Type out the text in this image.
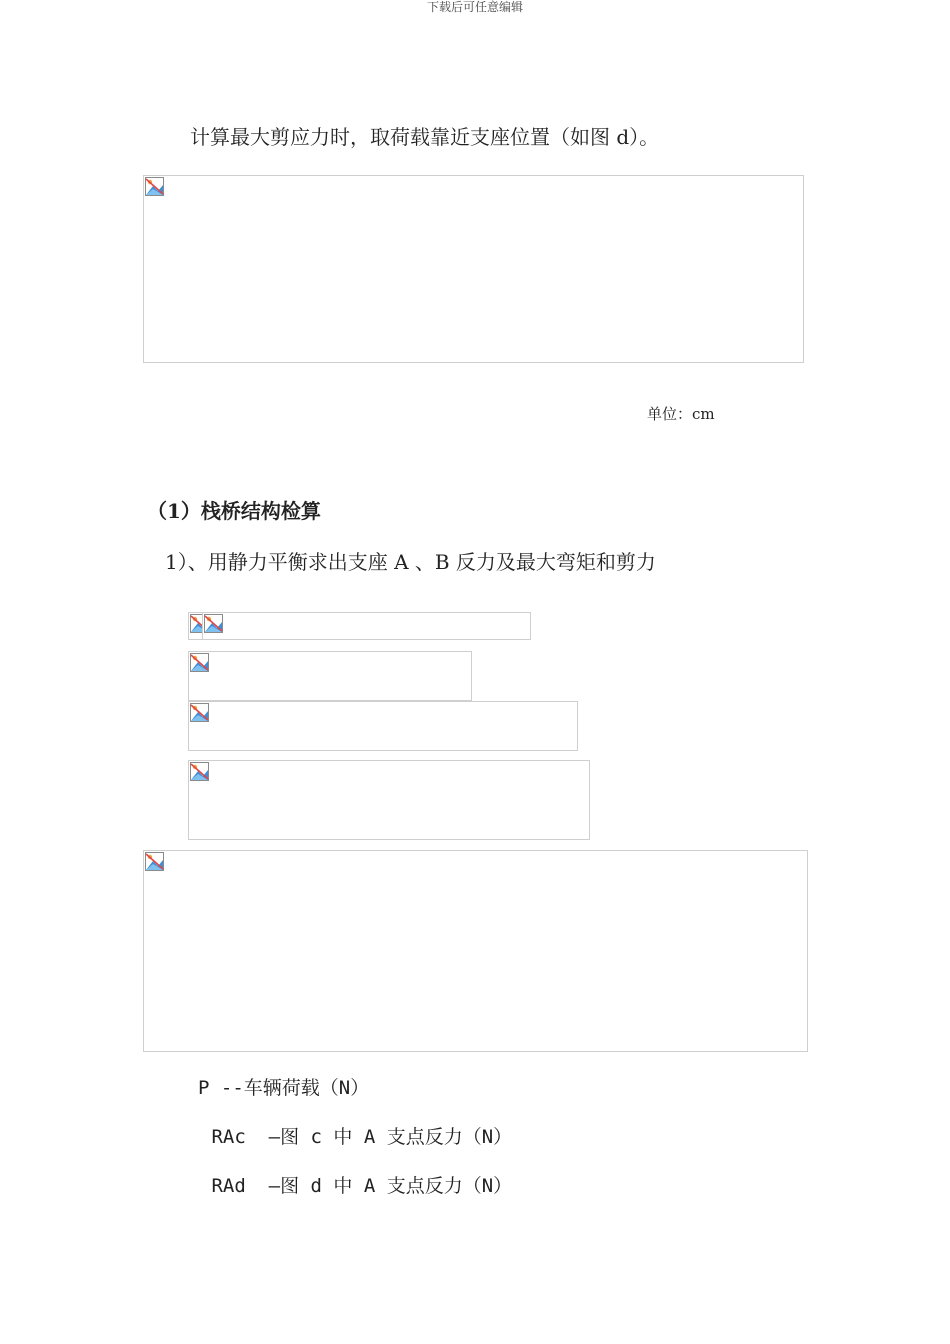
下载后可任意编辑
计算最大剪应力时，取荷载靠近支座位置（如图 d）。
单位：cm
（1）栈桥结构检算
1）、用静力平衡求出支座 A 、B 反力及最大弯矩和剪力
P --车辆荷载（N）
RAc  —图 c 中 A 支点反力（N）
RAd  —图 d 中 A 支点反力（N）
